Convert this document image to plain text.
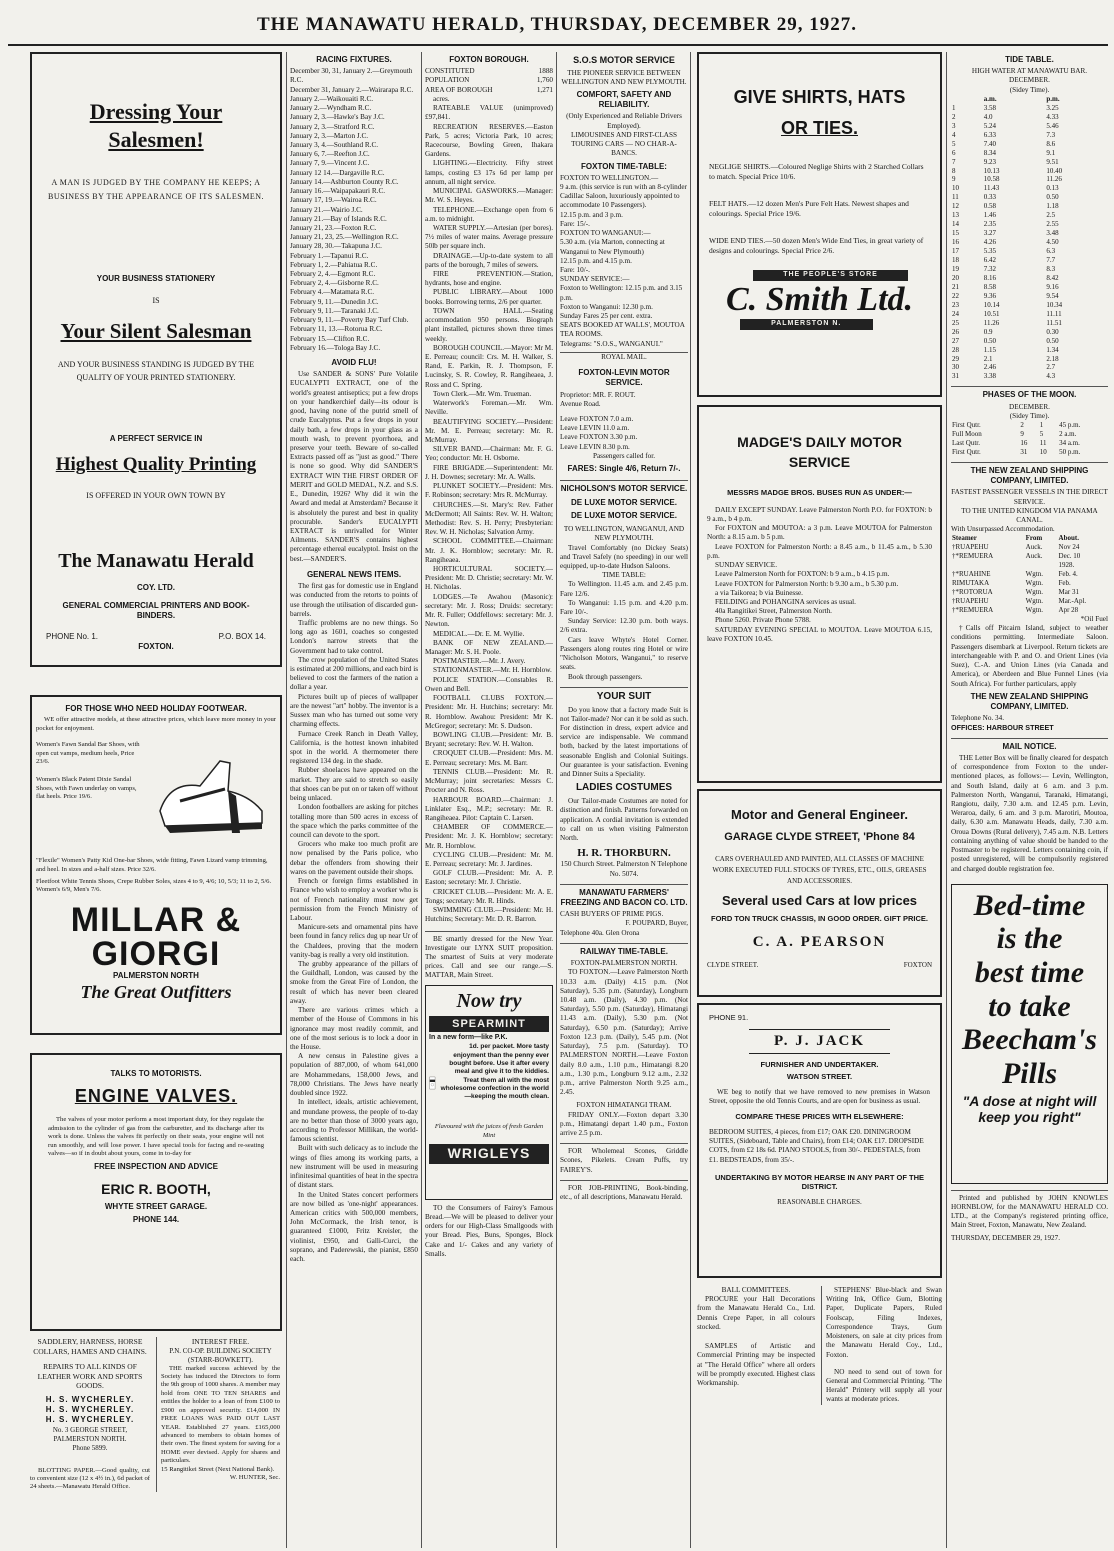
THE MANAWATU HERALD, THURSDAY, DECEMBER 29, 1927.
Dressing Your Salesmen!
A MAN IS JUDGED BY THE COMPANY HE KEEPS; A BUSINESS BY THE APPEARANCE OF ITS SALESMEN.
YOUR BUSINESS STATIONERY
IS
Your Silent Salesman
AND YOUR BUSINESS STANDING IS JUDGED BY THE QUALITY OF YOUR PRINTED STATIONERY.
A PERFECT SERVICE IN
Highest Quality Printing
IS OFFERED IN YOUR OWN TOWN BY
The Manawatu Herald
COY. LTD.
GENERAL COMMERCIAL PRINTERS AND BOOK-BINDERS.
PHONE No. 1.	P.O. BOX 14.
FOXTON.
FOR THOSE WHO NEED HOLIDAY FOOTWEAR.
WE offer attractive models, at these attractive prices, which leave more money in your pocket for enjoyment.
Women's Fawn Sandal Bar Shoes, with open cut vamps, medium heels, Price 23/6.
Women's Black Patent Dixie Sandal Shoes, with Fawn underlay on vamps, flat heels. Price 19/6.
"Flexile" Women's Patty Kid One-bar Shoes, wide fitting, Fawn Lizard vamp trimming, and heel. In sizes and a-half sizes. Price 32/6.
Fleetfoot White Tennis Shoes, Crepe Rubber Soles, sizes 4 to 9, 4/6; 10, 5/3; 11 to 2, 5/6. Women's 6/9, Men's 7/6.
MILLAR & GIORGI
PALMERSTON NORTH
The Great Outfitters
TALKS TO MOTORISTS.
ENGINE VALVES.
The valves of your motor perform a most important duty, for they regulate the admission to the cylinder of gas from the carburetter, and its discharge after its work is done. Unless the valves fit perfectly on their seats, your engine will not run smoothly, and will lose power. I have special tools for facing and re-seating valves—so if in doubt about yours, come in to-day for
FREE INSPECTION AND ADVICE
ERIC R. BOOTH,
WHYTE STREET GARAGE.
PHONE 144.
SADDLERY, HARNESS, HORSE COLLARS, HAMES AND CHAINS.
REPAIRS TO ALL KINDS OF LEATHER WORK AND SPORTS GOODS.
H. S. WYCHERLEY.
H. S. WYCHERLEY.
H. S. WYCHERLEY.
No. 3 GEORGE STREET, PALMERSTON NORTH.
Phone 5899.
BLOTTING PAPER.—Good quality, cut to convenient size (12 x 4½ in.), 6d packet of 24 sheets.—Manawatu Herald Office.
INTEREST FREE.
P.N. CO-OP. BUILDING SOCIETY (STARR-BOWKETT).
THE marked success achieved by the Society has induced the Directors to form the 9th group of 1000 shares. A member may hold from ONE TO TEN SHARES and entitles the holder to a loan of from £100 to £900 on approved security. £14,000 IN FREE LOANS WAS PAID OUT LAST YEAR. Established 27 years. £165,000 advanced to members to obtain homes of their own. The finest system for saving for a HOME ever devised. Apply for shares and particulars.
15 Rangitikei Street (Next National Bank).
W. HUNTER, Sec.
RACING FIXTURES.
December 30, 31, January 2.—Greymouth R.C.
December 31, January 2.—Wairarapa R.C.
January 2.—Waikouaiti R.C.
January 2.—Wyndham R.C.
January 2, 3.—Hawke's Bay J.C.
January 2, 3.—Stratford R.C.
January 2, 3.—Marton J.C.
January 3, 4.—Southland R.C.
January 6, 7.—Reefton J.C.
January 7, 9.—Vincent J.C.
January 12 14.—Dargaville R.C.
January 14.—Ashburton County R.C.
January 16.—Waipapakauri R.C.
January 17, 19.—Wairoa R.C.
January 21.—Wairio J.C.
January 21.—Bay of Islands R.C.
January 21, 23.—Foxton R.C.
January 21, 23, 25.—Wellington R.C.
January 28, 30.—Takapuna J.C.
February 1.—Tapanui R.C.
February 1, 2.—Pahiatua R.C.
February 2, 4.—Egmont R.C.
February 2, 4.—Gisborne R.C.
February 4.—Matamata R.C.
February 9, 11.—Dunedin J.C.
February 9, 11.—Taranaki J.C.
February 9, 11.—Poverty Bay Turf Club.
February 11, 13.—Rotorua R.C.
February 15.—Clifton R.C.
February 16.—Tologa Bay J.C.
AVOID FLU!
Use SANDER & SONS' Pure Volatile EUCALYPTI EXTRACT, one of the world's greatest antiseptics; put a few drops on your handkerchief daily—its odour is good, having none of the putrid smell of crude Eucalyptus. Put a few drops in your daily bath, a few drops in your glass as a mouth wash, to prevent pyorrhoea, and preserve your teeth. Beware of so-called Extracts passed off as "just as good." There is none so good. Why did SANDER'S EXTRACT WIN THE FIRST ORDER OF MERIT and GOLD MEDAL, N.Z. and S.S. E., Dunedin, 1926? Why did it win the Award and medal at Amsterdam? Because it is absolutely the purest and best in quality procurable. Sander's EUCALYPTI EXTRACT is unrivalled for Winter Ailments. SANDER'S contains highest percentage ethereal eucalyptol. Insist on the best.—SANDER'S.
GENERAL NEWS ITEMS.
The first gas for domestic use in England was conducted from the retorts to points of use through the utilisation of discarded gun-barrels.
Traffic problems are no new things. So long ago as 1601, coaches so congested London's narrow streets that the Government had to take control.
The crow population of the United States is estimated at 200 millions, and each bird is believed to cost the farmers of the nation a dollar a year.
Pictures built up of pieces of wallpaper are the newest "art" hobby. The inventor is a Sussex man who has turned out some very charming effects.
Furnace Creek Ranch in Death Valley, California, is the hottest known inhabited spot in the world. A thermometer there registered 134 deg. in the shade.
Rubber shoelaces have appeared on the market. They are said to stretch so easily that shoes can be put on or taken off without being unlaced.
London footballers are asking for pitches totalling more than 500 acres in excess of the space which the parks committee of the council can devote to the sport.
Grocers who make too much profit are now penalised by the Paris police, who debar the offenders from showing their wares on the pavement outside their shops.
French or foreign firms established in France who wish to employ a worker who is not of French nationality must now get permission from the French Ministry of Labour.
Manicure-sets and ornamental pins have been found in fancy relics dug up near Ur of the Chaldees, proving that the modern vanity-bag is really a very old institution.
The grubby appearance of the pillars of the Guildhall, London, was caused by the smoke from the Great Fire of London, the result of which has never been cleared away.
There are various crimes which a member of the House of Commons in his ignorance may most readily commit, and one of the most serious is to lock a door in the House.
A new census in Palestine gives a population of 887,000, of whom 641,000 are Mohammedans, 158,000 Jews, and 78,000 Christians. The Jews have nearly doubled since 1922.
In intellect, ideals, artistic achievement, and mundane prowess, the people of to-day are no better than those of 3000 years ago, according to Professor Millikan, the world-famous scientist.
Built with such delicacy as to include the wings of flies among its working parts, a new instrument will be used in measuring infinitesimal quantities of heat in the spectra of distant stars.
In the United States concert performers are now billed as 'one-night' appearances. American critics with 500,000 members, John McCormack, the Irish tenor, is guaranteed £1000, Fritz Kreisler, the violinist, £950, and Galli-Curci, the soprano, and Paderewski, the pianist, £850 each.
FOXTON BOROUGH.
CONSTITUTED	1888
POPULATION	1,760
AREA OF BOROUGH	1,271
acres.
RATEABLE VALUE (unimproved) £97,841.
RECREATION RESERVES.—Easton Park, 5 acres; Victoria Park, 10 acres; Racecourse, Bowling Green, Ihakara Gardens.
LIGHTING.—Electricity. Fifty street lamps, costing £3 17s 6d per lamp per annum, all night service.
MUNICIPAL GASWORKS.—Manager: Mr. W. S. Heyes.
TELEPHONE.—Exchange open from 6 a.m. to midnight.
WATER SUPPLY.—Artesian (per bores). 7½ miles of water mains. Average pressure 50lb per square inch.
DRAINAGE.—Up-to-date system to all parts of the borough, 7 miles of sewers.
FIRE PREVENTION.—Station, hydrants, hose and engine.
PUBLIC LIBRARY.—About 1000 books. Borrowing terms, 2/6 per quarter.
TOWN HALL.—Seating accommodation 950 persons. Biograph plant installed, pictures shown three times weekly.
BOROUGH COUNCIL.—Mayor: Mr M. E. Perreau; council: Crs. M. H. Walker, S. Rand, E. Parkin, R. J. Thompson, F. Lucinsky, S. R. Cowley, R. Rangiheaea, J. Ross and C. Spring.
Town Clerk.—Mr. Wm. Trueman.
Waterwork's Foreman.—Mr. Wm. Neville.
BEAUTIFYING SOCIETY.—President: Mr. M. E. Perreau; secretary: Mr. R. McMurray.
SILVER BAND.—Chairman: Mr. F. G. Yeo; conductor: Mr. H. Osborne.
FIRE BRIGADE.—Superintendent: Mr. J. H. Downes; secretary: Mr. A. Walls.
PLUNKET SOCIETY.—President: Mrs. F. Robinson; secretary: Mrs R. McMurray.
CHURCHES.—St. Mary's: Rev. Father McDermott; All Saints: Rev. W. H. Walton; Methodist: Rev. S. H. Perry; Presbyterian: Rev. W. H. Nicholas; Salvation Army.
SCHOOL COMMITTEE.—Chairman: Mr. J. K. Hornblow; secretary: Mr. R. Rangiheaea.
HORTICULTURAL SOCIETY.—President: Mr. D. Christie; secretary: Mr. W. H. Nicholas.
LODGES.—Te Awahou (Masonic): secretary: Mr. J. Ross; Druids: secretary: Mr. R. Fuller; Oddfellows: secretary: Mr. J. Newton.
MEDICAL.—Dr. E. M. Wyllie.
BANK OF NEW ZEALAND.—Manager: Mr. S. H. Poole.
POSTMASTER.—Mr. J. Avery.
STATIONMASTER.—Mr. H. Hornblow.
POLICE STATION.—Constables R. Owen and Bell.
FOOTBALL CLUBS FOXTON.—President: Mr. H. Hutchins; secretary: Mr. R. Hornblow. Awahou: President: Mr K. McGregor; secretary: Mr. S. Dudson.
BOWLING CLUB.—President: Mr. B. Bryant; secretary: Rev. W. H. Walton.
CROQUET CLUB.—President: Mrs. M. E. Perreau; secretary: Mrs. M. Barr.
TENNIS CLUB.—President: Mr. R. McMurray; joint secretaries: Messrs C. Procter and N. Ross.
HARBOUR BOARD.—Chairman: J. Linklater Esq., M.P.; secretary: Mr. R. Rangiheaea. Pilot: Captain C. Larsen.
CHAMBER OF COMMERCE.—President: Mr. J. K. Hornblow; secretary: Mr. R. Hornblow.
CYCLING CLUB.—President: Mr. M. E. Perreau; secretary: Mr. J. Jardines.
GOLF CLUB.—President: Mr. A. P. Easton; secretary: Mr. J. Christie.
CRICKET CLUB.—President: Mr. A. E. Tongs; secretary: Mr. R. Hinds.
SWIMMING CLUB.—President: Mr. H. Hutchins; Secretary: Mr. D. R. Barron.
BE smartly dressed for the New Year. Investigate our LYNX SUIT proposition. The smartest of Suits at very moderate prices. Call and see our range.—S. MATTAR, Main Street.
Now try
SPEARMINT
In a new form—like P.K.
1d. per packet. More tasty enjoyment than the penny ever bought before. Use it after every meal and give it to the kiddies. Treat them all with the most wholesome confection in the world—keeping the mouth clean.
Flavoured with the juices of fresh Garden Mint
WRIGLEYS
TO the Consumers of Fairey's Famous Bread.—We will be pleased to deliver your orders for our High-Class Smallgoods with your Bread. Pies, Buns, Sponges, Block Cake and 1/- Cakes and any variety of Smalls.
S.O.S MOTOR SERVICE
THE PIONEER SERVICE BETWEEN WELLINGTON AND NEW PLYMOUTH.
COMFORT, SAFETY AND RELIABILITY.
(Only Experienced and Reliable Drivers Employed).
LIMOUSINES AND FIRST-CLASS TOURING CARS — NO CHAR-A-BANCS.
FOXTON TIME-TABLE:
FOXTON TO WELLINGTON.—
9 a.m. (this service is run with an 8-cylinder Cadillac Saloon, luxuriously appointed to accommodate 10 Passengers).
12.15 p.m. and 3 p.m.
Fare: 15/-.
FOXTON TO WANGANUI:—
5.30 a.m. (via Marton, connecting at Wanganui to New Plymouth)
12.15 p.m. and 4.15 p.m.
Fare: 10/-.
SUNDAY SERVICE:—
Foxton to Wellington: 12.15 p.m. and 3.15 p.m.
Foxton to Wanganui: 12.30 p.m.
Sunday Fares 25 per cent. extra.
SEATS BOOKED AT WALLS', MOUTOA TEA ROOMS.
Telegrams: "S.O.S., WANGANUI."
ROYAL MAIL.
FOXTON-LEVIN MOTOR SERVICE.
Proprietor: MR. F. ROUT.
Avenue Road.
Leave FOXTON 7.0 a.m.
Leave LEVIN 11.0 a.m.
Leave FOXTON 3.30 p.m.
Leave LEVIN 8.30 p.m.
Passengers called for.
FARES: Single 4/6, Return 7/-.
NICHOLSON'S MOTOR SERVICE.
DE LUXE MOTOR SERVICE.
DE LUXE MOTOR SERVICE.
TO WELLINGTON, WANGANUI, AND NEW PLYMOUTH.
Travel Comfortably (no Dickey Seats) and Travel Safely (no speeding) in our well equipped, up-to-date Hudson Saloons.
TIME TABLE:
To Wellington. 11.45 a.m. and 2.45 p.m. Fare 12/6.
To Wanganui: 1.15 p.m. and 4.20 p.m. Fare 10/-.
Sunday Service: 12.30 p.m. both ways. 2/6 extra.
Cars leave Whyte's Hotel Corner. Passengers along routes ring Hotel or wire "Nicholson Motors, Wanganui," to reserve seats.
Book through passengers.
YOUR SUIT
Do you know that a factory made Suit is not Tailor-made? Nor can it be sold as such. For distinction in dress, expert advice and service are indispensable. We command both, backed by the latest importations of seasonable English and Colonial Suitings. Our guarantee is your satisfaction. Evening and Dinner Suits a Speciality.
LADIES COSTUMES
Our Tailor-made Costumes are noted for distinction and finish. Patterns forwarded on application. A cordial invitation is extended to call on us when visiting Palmerston North.
H. R. THORBURN.
150 Church Street. Palmerston N Telephone No. 5074.
MANAWATU FARMERS' FREEZING AND BACON CO. LTD.
CASH BUYERS OF PRIME PIGS.
F. POUPARD, Buyer,
Telephone 40a. Glen Orona
RAILWAY TIME-TABLE.
FOXTON-PALMERSTON NORTH.
TO FOXTON.—Leave Palmerston North 10.33 a.m. (Daily) 4.15 p.m. (Not Saturday), 5.35 p.m. (Saturday), Longburn 10.48 a.m. (Daily), 4.30 p.m. (Not Saturday), 5.50 p.m. (Saturday), Himatangi 11.43 a.m. (Daily), 5.30 p.m. (Not Saturday), 6.50 p.m. (Saturday); Arrive Foxton 12.3 p.m. (Daily), 5.45 p.m. (Not Saturday), 7.5 p.m. (Saturday). TO PALMERSTON NORTH.—Leave Foxton daily 8.0 a.m., 1.10 p.m., Himatangi 8.20 a.m., 1.30 p.m., Longburn 9.12 a.m., 2.32 p.m., arrive Palmerston North 9.25 a.m., 2.45.
FOXTON HIMATANGI TRAM.
FRIDAY ONLY.—Foxton depart 3.30 p.m., Himatangi depart 1.40 p.m., Foxton arrive 2.5 p.m.
FOR Wholemeal Scones, Griddle Scones, Pikelets. Cream Puffs, try FAIREY'S.
FOR JOB-PRINTING, Book-binding, etc., of all descriptions, Manawatu Herald.
GIVE SHIRTS, HATS
OR TIES.
NEGLIGE SHIRTS.—Coloured Neglige Shirts with 2 Starched Collars to match. Special Price 10/6.
FELT HATS.—12 dozen Men's Pure Felt Hats. Newest shapes and colourings. Special Price 19/6.
WIDE END TIES.—50 dozen Men's Wide End Ties, in great variety of designs and colourings. Special Price 2/6.
THE PEOPLE'S STORE
C. Smith Ltd.
PALMERSTON N.
MADGE'S DAILY MOTOR SERVICE
MESSRS MADGE BROS. BUSES RUN AS UNDER:—
DAILY EXCEPT SUNDAY. Leave Palmerston North P.O. for FOXTON: b 9 a.m., b 4 p.m.
For FOXTON and MOUTOA: a 3 p.m. Leave MOUTOA for Palmerston North: a 8.15 a.m. b 5 p.m.
Leave FOXTON for Palmerston North: a 8.45 a.m., b 11.45 a.m., b 5.30 p.m.
SUNDAY SERVICE.
Leave Palmerston North for FOXTON: b 9 a.m., b 4.15 p.m.
Leave FOXTON for Palmerston North: b 9.30 a.m., b 5.30 p.m.
a via Taikorea; b via Buinesse.
FEILDING and POHANGINA services as usual.
40a Rangitikei Street, Palmerston North.
Phone 5260. Private Phone 5788.
SATURDAY EVENING SPECIAL to MOUTOA. Leave MOUTOA 6.15, leave FOXTON 10.45.
Motor and General Engineer.
GARAGE CLYDE STREET, 'Phone 84
CARS OVERHAULED AND PAINTED, ALL CLASSES OF MACHINE WORK EXECUTED FULL STOCKS OF TYRES, ETC., OILS, GREASES AND ACCESSORIES.
Several used Cars at low prices
FORD TON TRUCK CHASSIS, IN GOOD ORDER. GIFT PRICE.
C. A. PEARSON
CLYDE STREET.	FOXTON
PHONE 91.
P. J. JACK
FURNISHER AND UNDERTAKER.
WATSON STREET.
WE beg to notify that we have removed to new premises in Watson Street, opposite the old Tennis Courts, and are open for business as usual.
COMPARE THESE PRICES WITH ELSEWHERE:
BEDROOM SUITES, 4 pieces, from £17; OAK £20. DININGROOM SUITES, (Sideboard, Table and Chairs), from £14; OAK £17. DROPSIDE COTS, from £2 18s 6d. PIANO STOOLS, from 30/-. PEDESTALS, from £1. BEDSTEADS, from 35/-.
UNDERTAKING BY MOTOR HEARSE IN ANY PART OF THE DISTRICT.
REASONABLE CHARGES.
BALL COMMITTEES.
PROCURE your Hall Decorations from the Manawatu Herald Co., Ltd. Dennis Crepe Paper, in all colours stocked.
SAMPLES of Artistic and Commercial Printing may be inspected at "The Herald Office" where all orders will be promptly executed. Highest class Workmanship.
STEPHENS' Blue-black and Swan Writing Ink, Office Gum, Blotting Paper, Duplicate Papers, Ruled Foolscap, Filing Indexes, Correspondence Trays, Gum Moisteners, on sale at city prices from the Manawatu Herald Coy., Ltd., Foxton.
NO need to send out of town for General and Commercial Printing. "The Herald" Printery will supply all your wants at moderate prices.
TIDE TABLE.
HIGH WATER AT MANAWATU BAR.
DECEMBER.
(Sidey Time).
	a.m.	p.m.
1	3.58	3.25
2	4.0	4.33
3	5.24	5.46
4	6.33	7.3
5	7.40	8.6
6	8.34	9.1
7	9.23	9.51
8	10.13	10.40
9	10.58	11.26
10	11.43	0.13
11	0.33	0.50
12	0.58	1.18
13	1.46	2.5
14	2.35	2.55
15	3.27	3.48
16	4.26	4.50
17	5.35	6.3
18	6.42	7.7
19	7.32	8.3
20	8.16	8.42
21	8.58	9.16
22	9.36	9.54
23	10.14	10.34
24	10.51	11.11
25	11.26	11.51
26	0.9	0.30
27	0.50	0.50
28	1.15	1.34
29	2.1	2.18
30	2.46	2.7
31	3.38	4.3
PHASES OF THE MOON.
DECEMBER.
(Sidey Time).
First Qutr.	2	1	45 p.m.
Full Moon	9	5	2 a.m.
Last Qutr.	16	11	34 a.m.
First Qutr.	31	10	50 p.m.
THE NEW ZEALAND SHIPPING COMPANY, LIMITED.
FASTEST PASSENGER VESSELS IN THE DIRECT SERVICE.
TO THE UNITED KINGDOM VIA PANAMA CANAL.
With Unsurpassed Accommodation.
Steamer	From	About.
†RUAPEHU	Auck.	Nov 24
†*REMUERA	Auck.	Dec. 10
		1928.
†*RUAHINE	Wgtn.	Feb. 4.
RIMUTAKA	Wgtn.	Feb.
†*ROTORUA	Wgtn.	Mar 31
†RUAPEHU	Wgtn.	Mar.-Apl.
†*REMUERA	Wgtn.	Apr 28
*Oil Fuel
†Calls off Pitcairn Island, subject to weather conditions permitting. Intermediate Saloon. Passengers disembark at Liverpool. Return tickets are interchangeable with P. and O. and Orient Lines (via Suez), C.-A. and Union Lines (via Canada and America), or Aberdeen and Blue Funnel Lines (via South Africa). For further particulars, apply
THE NEW ZEALAND SHIPPING COMPANY, LIMITED.
Telephone No. 34.
OFFICES: HARBOUR STREET
MAIL NOTICE.
THE Letter Box will be finally cleared for despatch of correspondence from Foxton to the under-mentioned places, as follows:— Levin, Wellington, and South Island, daily at 6 a.m. and 3 p.m. Palmerston North, Wanganui, Taranaki, Himatangi, Rangiotu, daily, 7.30 a.m. and 12.45 p.m. Levin, Weraroa, daily, 6 am. and 3 p.m. Marotiri, Moutoa, daily, 6.30 a.m. Manawatu Heads, daily, 7.30 a.m. Oroua Downs (Rural delivery), 7.45 a.m. N.B. Letters containing anything of value should be handed to the Postmaster to be registered. Letters containing coin, if posted unregistered, will be compulsorily registered and charged double registration fee.
Bed-time
is the
best time
to take
Beecham's
Pills
"A dose at night will keep you right"
Printed and published by JOHN KNOWLES HORNBLOW, for the MANAWATU HERALD CO. LTD., at the Company's registered printing office, Main Street, Foxton, Manawatu, New Zealand.
THURSDAY, DECEMBER 29, 1927.
